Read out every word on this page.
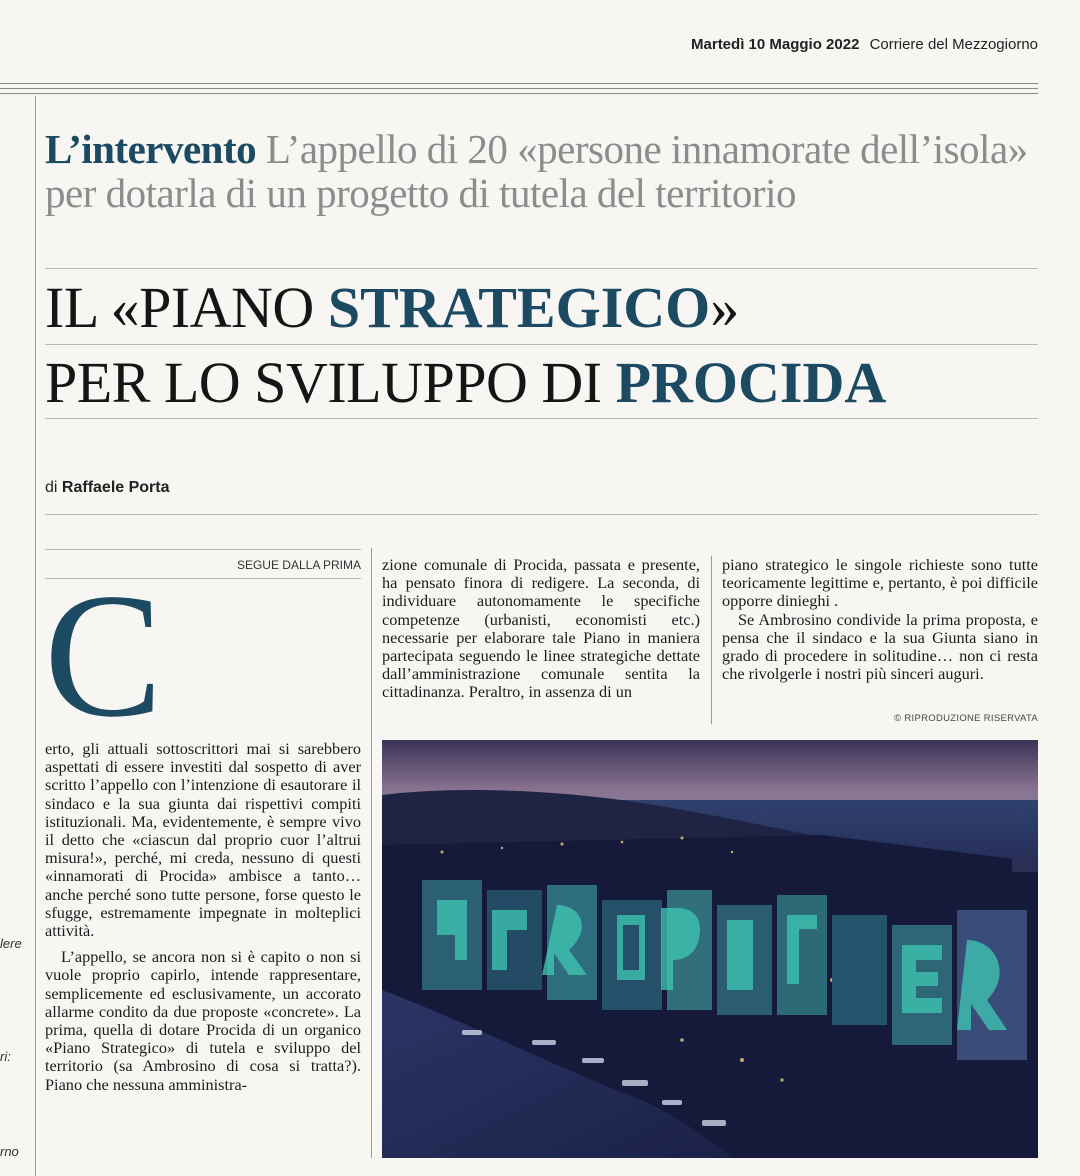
Martedì 10 Maggio 2022 Corriere del Mezzogiorno
lere
ri:
rno
L’intervento L’appello di 20 «persone innamorate dell’isola» per dotarla di un progetto di tutela del territorio
IL «PIANO STRATEGICO»
PER LO SVILUPPO DI PROCIDA
di Raffaele Porta
SEGUE DALLA PRIMA
C

erto, gli attuali sottoscrittori mai si sarebbero aspettati di essere investiti dal sospetto di aver scritto l’appello con l’intenzione di esautorare il sindaco e la sua giunta dai rispettivi compiti istituzionali. Ma, evidentemente, è sempre vivo il detto che «ciascun dal proprio cuor l’altrui misura!», perché, mi creda, nessuno di questi «innamorati di Procida» ambisce a tanto… anche perché sono tutte persone, forse questo le sfugge, estremamente impegnate in molteplici attività.

L’appello, se ancora non si è capito o non si vuole proprio capirlo, intende rappresentare, semplicemente ed esclusivamente, un accorato allarme condito da due proposte «concrete». La prima, quella di dotare Procida di un organico «Piano Strategico» di tutela e sviluppo del territorio (sa Ambrosino di cosa si tratta?). Piano che nessuna amministra-

zione comunale di Procida, passata e presente, ha pensato finora di redigere. La seconda, di individuare autonomamente le specifiche competenze (urbanisti, economisti etc.) necessarie per elaborare tale Piano in maniera partecipata seguendo le linee strategiche dettate dall’amministrazione comunale sentita la cittadinanza. Peraltro, in assenza di un

piano strategico le singole richieste sono tutte teoricamente legittime e, pertanto, è poi difficile opporre dinieghi .

Se Ambrosino condivide la prima proposta, e pensa che il sindaco e la sua Giunta siano in grado di procedere in solitudine… non ci resta che rivolgerle i nostri più sinceri auguri.

© RIPRODUZIONE RISERVATA
